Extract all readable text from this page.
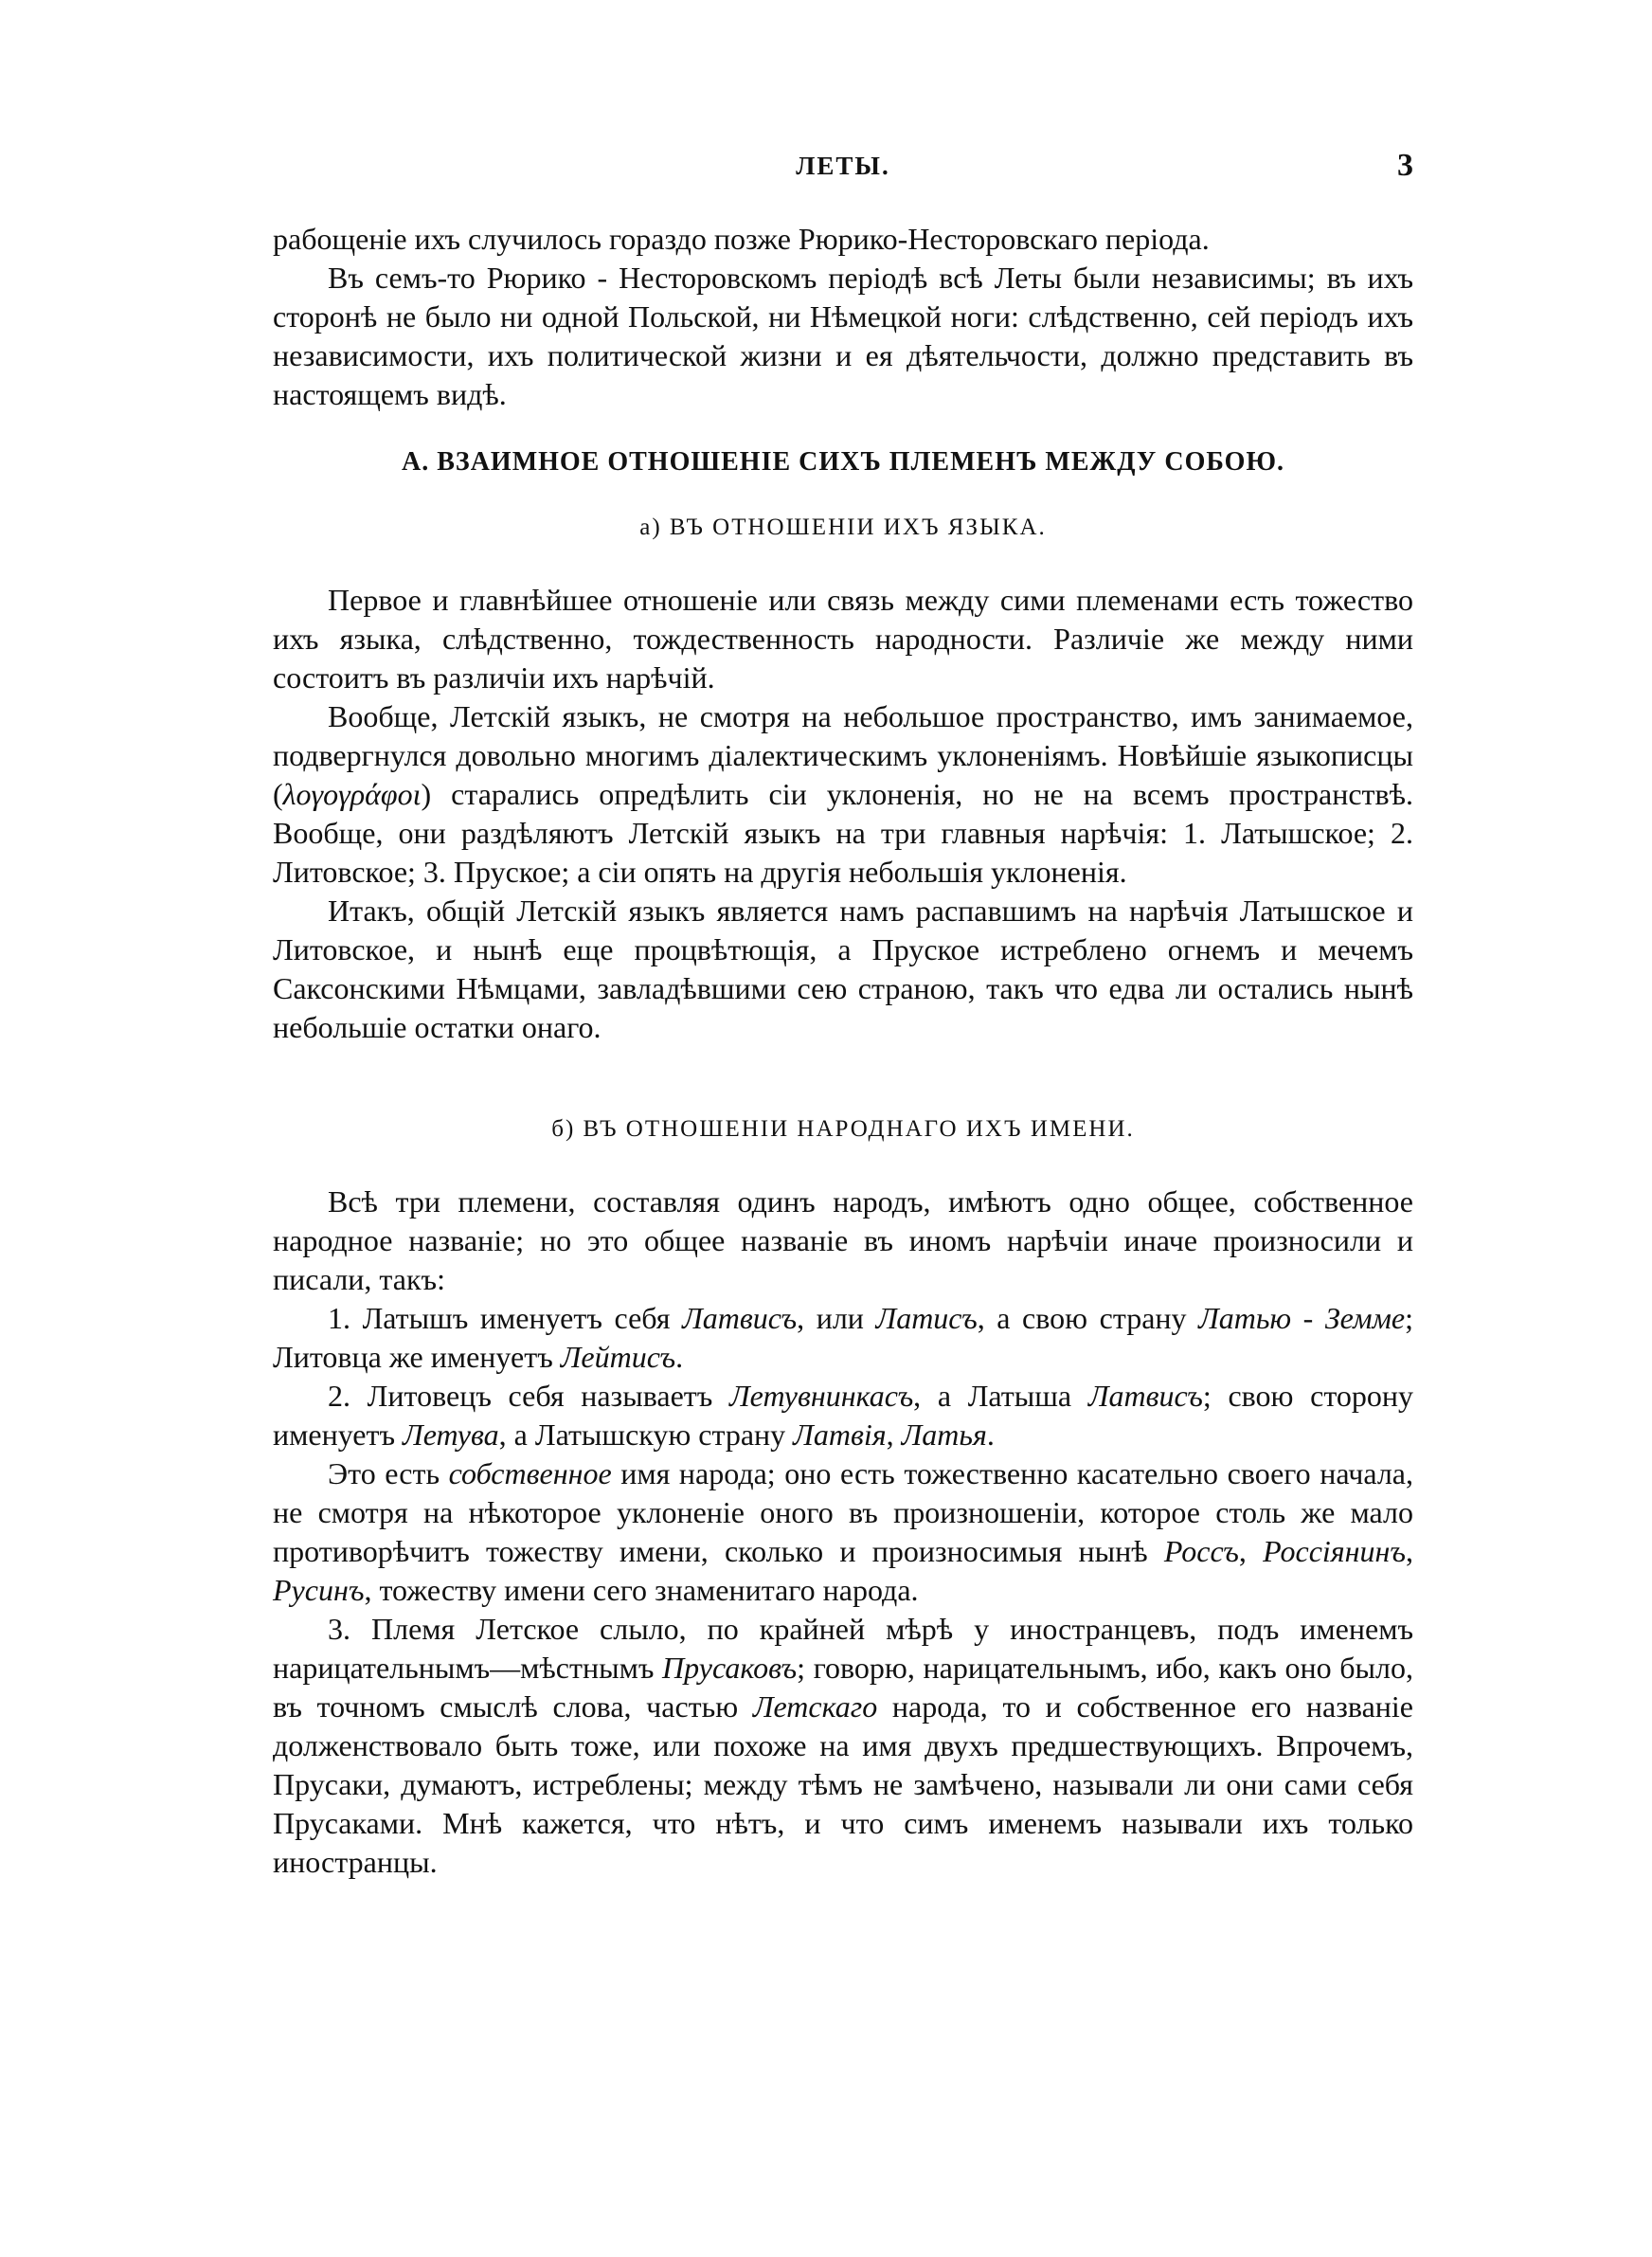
ЛЕТЫ.	3

рабощеніе ихъ случилось гораздо позже Рюрико-Несторовскаго періода.

Въ семъ-то Рюрико - Несторовскомъ періодѣ всѣ Леты были независимы; въ ихъ сторонѣ не было ни одной Польской, ни Нѣмецкой ноги: слѣдственно, сей періодъ ихъ независимости, ихъ политической жизни и ея дѣятельчости, должно представить въ настоящемъ видѣ.

А. ВЗАИМНОЕ ОТНОШЕНІЕ СИХЪ ПЛЕМЕНЪ МЕЖДУ СОБОЮ.

а) ВЪ ОТНОШЕНІИ ИХЪ ЯЗЫКА.

Первое и главнѣйшее отношеніе или связь между сими племенами есть тожество ихъ языка, слѣдственно, тождественность народности. Различіе же между ними состоитъ въ различіи ихъ нарѣчій.

Вообще, Летскій языкъ, не смотря на небольшое пространство, имъ занимаемое, подвергнулся довольно многимъ діалектическимъ уклоненіямъ. Новѣйшіе языкописцы (λογογράφοι) старались опредѣлить сіи уклоненія, но не на всемъ пространствѣ. Вообще, они раздѣляютъ Летскій языкъ на три главныя нарѣчія: 1. Латышское; 2. Литовское; 3. Пруское; а сіи опять на другія небольшія уклоненія.

Итакъ, общій Летскій языкъ является намъ распавшимъ на нарѣчія Латышское и Литовское, и нынѣ еще процвѣтющія, а Пруское истреблено огнемъ и мечемъ Саксонскими Нѣмцами, завладѣвшими сею страною, такъ что едва ли остались нынѣ небольшіе остатки онаго.

б) ВЪ ОТНОШЕНІИ НАРОДНАГО ИХЪ ИМЕНИ.

Всѣ три племени, составляя одинъ народъ, имѣютъ одно общее, собственное народное названіе; но это общее названіе въ иномъ нарѣчіи иначе произносили и писали, такъ:

1. Латышъ именуетъ себя Латвисъ, или Латисъ, а свою страну Латью - Земме; Литовца же именуетъ Лейтисъ.

2. Литовецъ себя называетъ Летувнинкасъ, а Латыша Латвисъ; свою сторону именуетъ Летува, а Латышскую страну Латвія, Латья.

Это есть собственное имя народа; оно есть тожественно касательно своего начала, не смотря на нѣкоторое уклоненіе оного въ произношеніи, которое столь же мало противорѣчитъ тожеству имени, сколько и произносимыя нынѣ Россъ, Россіянинъ, Русинъ, тожеству имени сего знаменитаго народа.

3. Племя Летское слыло, по крайней мѣрѣ у иностранцевъ, подъ именемъ нарицательнымъ—мѣстнымъ Прусаковъ; говорю, нарицательнымъ, ибо, какъ оно было, въ точномъ смыслѣ слова, частью Летскаго народа, то и собственное его названіе долженствовало быть тоже, или похоже на имя двухъ предшествующихъ. Впрочемъ, Прусаки, думаютъ, истреблены; между тѣмъ не замѣчено, называли ли они сами себя Прусаками. Мнѣ кажется, что нѣтъ, и что симъ именемъ называли ихъ только иностранцы.
